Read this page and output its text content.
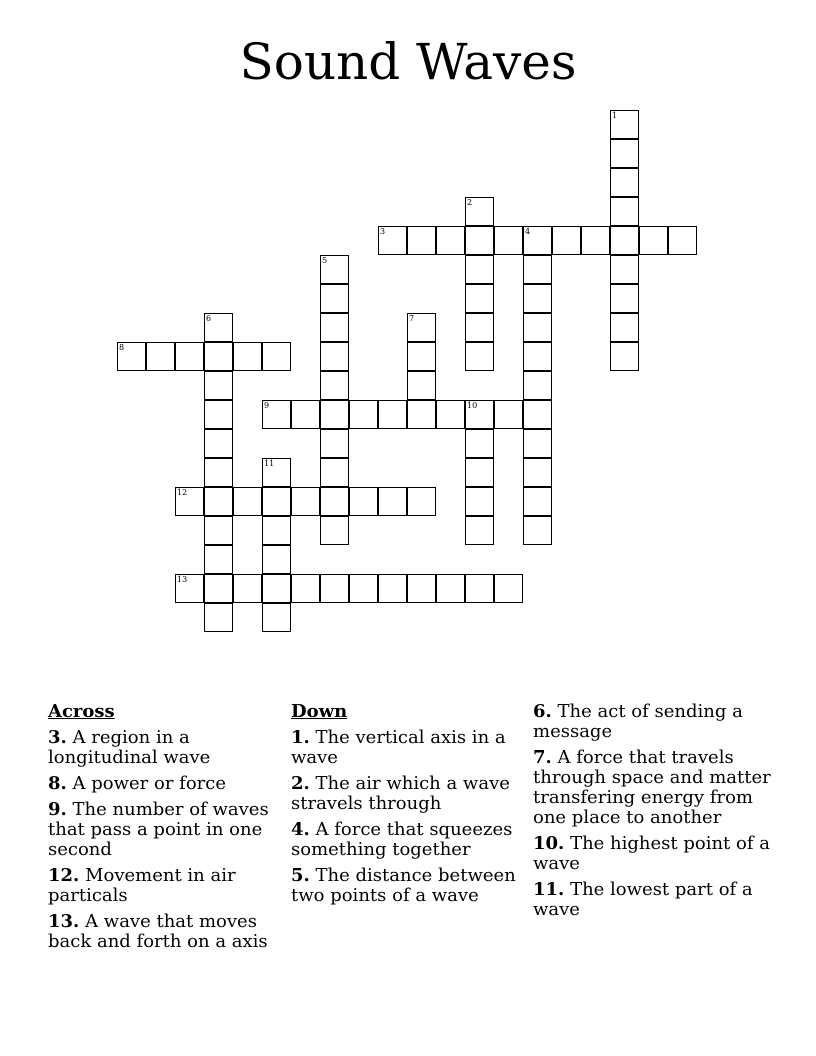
Sound Waves
1
2
3	4
5
6	7
8
9	10
11
12
13
Across
3. A region in a longitudinal wave
8. A power or force
9. The number of waves that pass a point in one second
12. Movement in air particals
13. A wave that moves back and forth on a axis
Down
1. The vertical axis in a wave
2. The air which a wave stravels through
4. A force that squeezes something together
5. The distance between two points of a wave
6. The act of sending a message
7. A force that travels through space and matter transfering energy from one place to another
10. The highest point of a wave
11. The lowest part of a wave
